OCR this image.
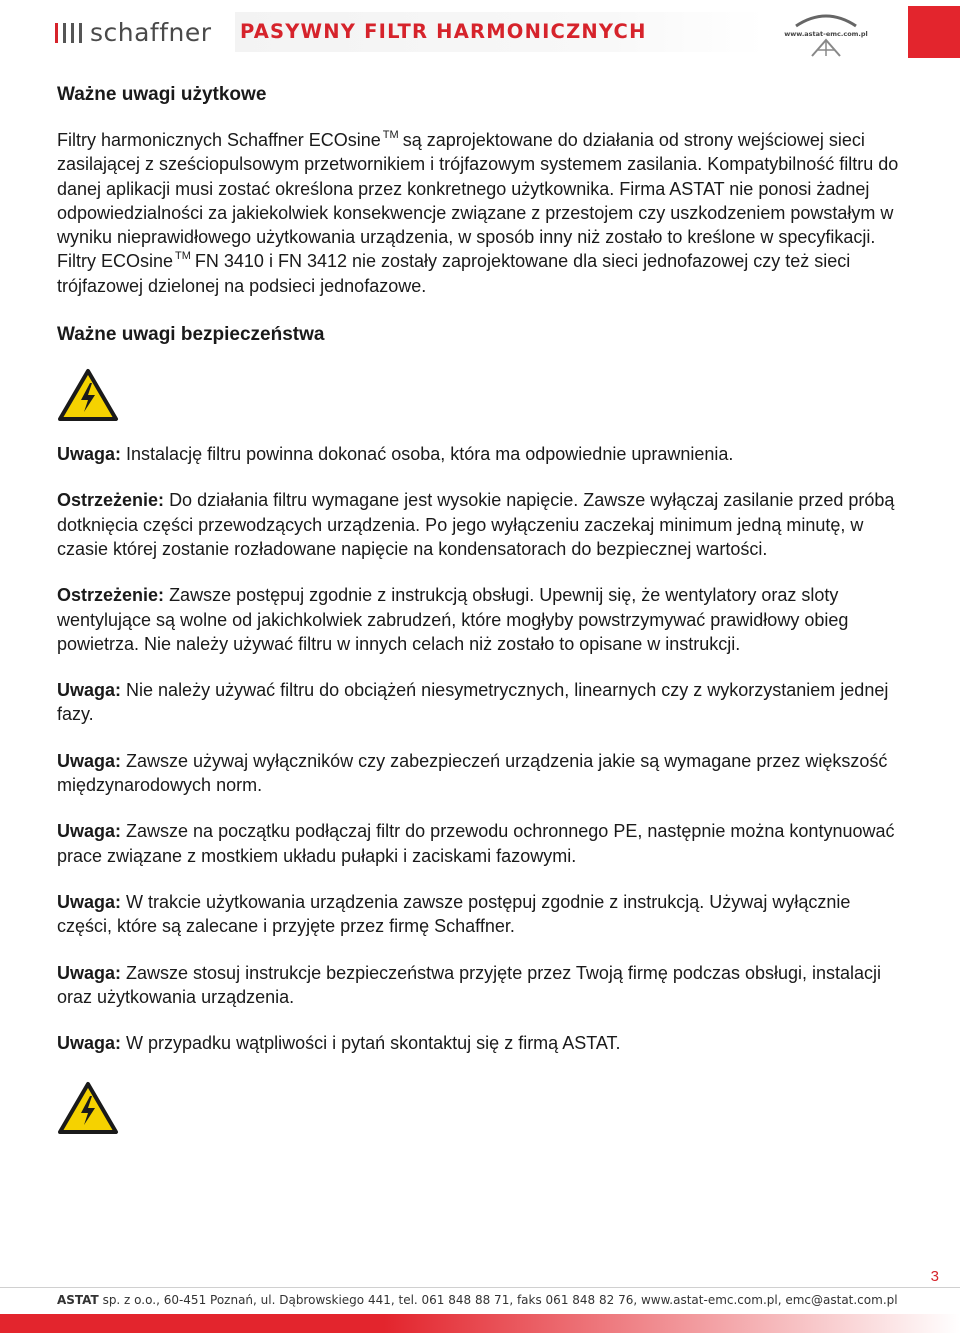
schaffner PASYWNY FILTR HARMONICZNYCH	www.astat-emc.com.pl
Ważne uwagi użytkowe

Filtry harmonicznych Schaffner ECOsine ™ są zaprojektowane do działania od strony wejściowej sieci zasilającej z sześciopulsowym przetwornikiem i trójfazowym systemem zasilania. Kompatybilność filtru do danej aplikacji musi zostać określona przez konkretnego użytkownika. Firma ASTAT nie ponosi żadnej odpowiedzialności za jakiekolwiek konsekwencje związane z przestojem czy uszkodzeniem powstałym w wyniku nieprawidłowego użytkowania urządzenia, w sposób inny niż zostało to kreślone w specyfikacji.

Filtry ECOsine ™ FN 3410 i FN 3412 nie zostały zaprojektowane dla sieci jednofazowej czy też sieci trójfazowej dzielonej na podsieci jednofazowe.

Ważne uwagi bezpieczeństwa

Uwaga: Instalację filtru powinna dokonać osoba, która ma odpowiednie uprawnienia.

Ostrzeżenie: Do działania filtru wymagane jest wysokie napięcie. Zawsze wyłączaj zasilanie przed próbą dotknięcia części przewodzących urządzenia. Po jego wyłączeniu zaczekaj minimum jedną minutę, w czasie której zostanie rozładowane napięcie na kondensatorach do bezpiecznej wartości.

Ostrzeżenie: Zawsze postępuj zgodnie z instrukcją obsługi. Upewnij się, że wentylatory oraz sloty wentylujące są wolne od jakichkolwiek zabrudzeń, które mogłyby powstrzymywać prawidłowy obieg powietrza. Nie należy używać filtru w innych celach niż zostało to opisane w instrukcji.

Uwaga: Nie należy używać filtru do obciążeń niesymetrycznych, linearnych czy z wykorzystaniem jednej fazy.

Uwaga: Zawsze używaj wyłączników czy zabezpieczeń urządzenia jakie są wymagane przez większość międzynarodowych norm.

Uwaga: Zawsze na początku podłączaj filtr do przewodu ochronnego PE, następnie można kontynuować prace związane z mostkiem układu pułapki i zaciskami fazowymi.

Uwaga: W trakcie użytkowania urządzenia zawsze postępuj zgodnie z instrukcją. Używaj wyłącznie części, które są zalecane i przyjęte przez firmę Schaffner.

Uwaga: Zawsze stosuj instrukcje bezpieczeństwa przyjęte przez Twoją firmę podczas obsługi, instalacji oraz użytkowania urządzenia.

Uwaga: W przypadku wątpliwości i pytań skontaktuj się z firmą ASTAT.

3
ASTAT sp. z o.o., 60-451 Poznań, ul. Dąbrowskiego 441, tel. 061 848 88 71, faks 061 848 82 76, www.astat-emc.com.pl, emc@astat.com.pl
